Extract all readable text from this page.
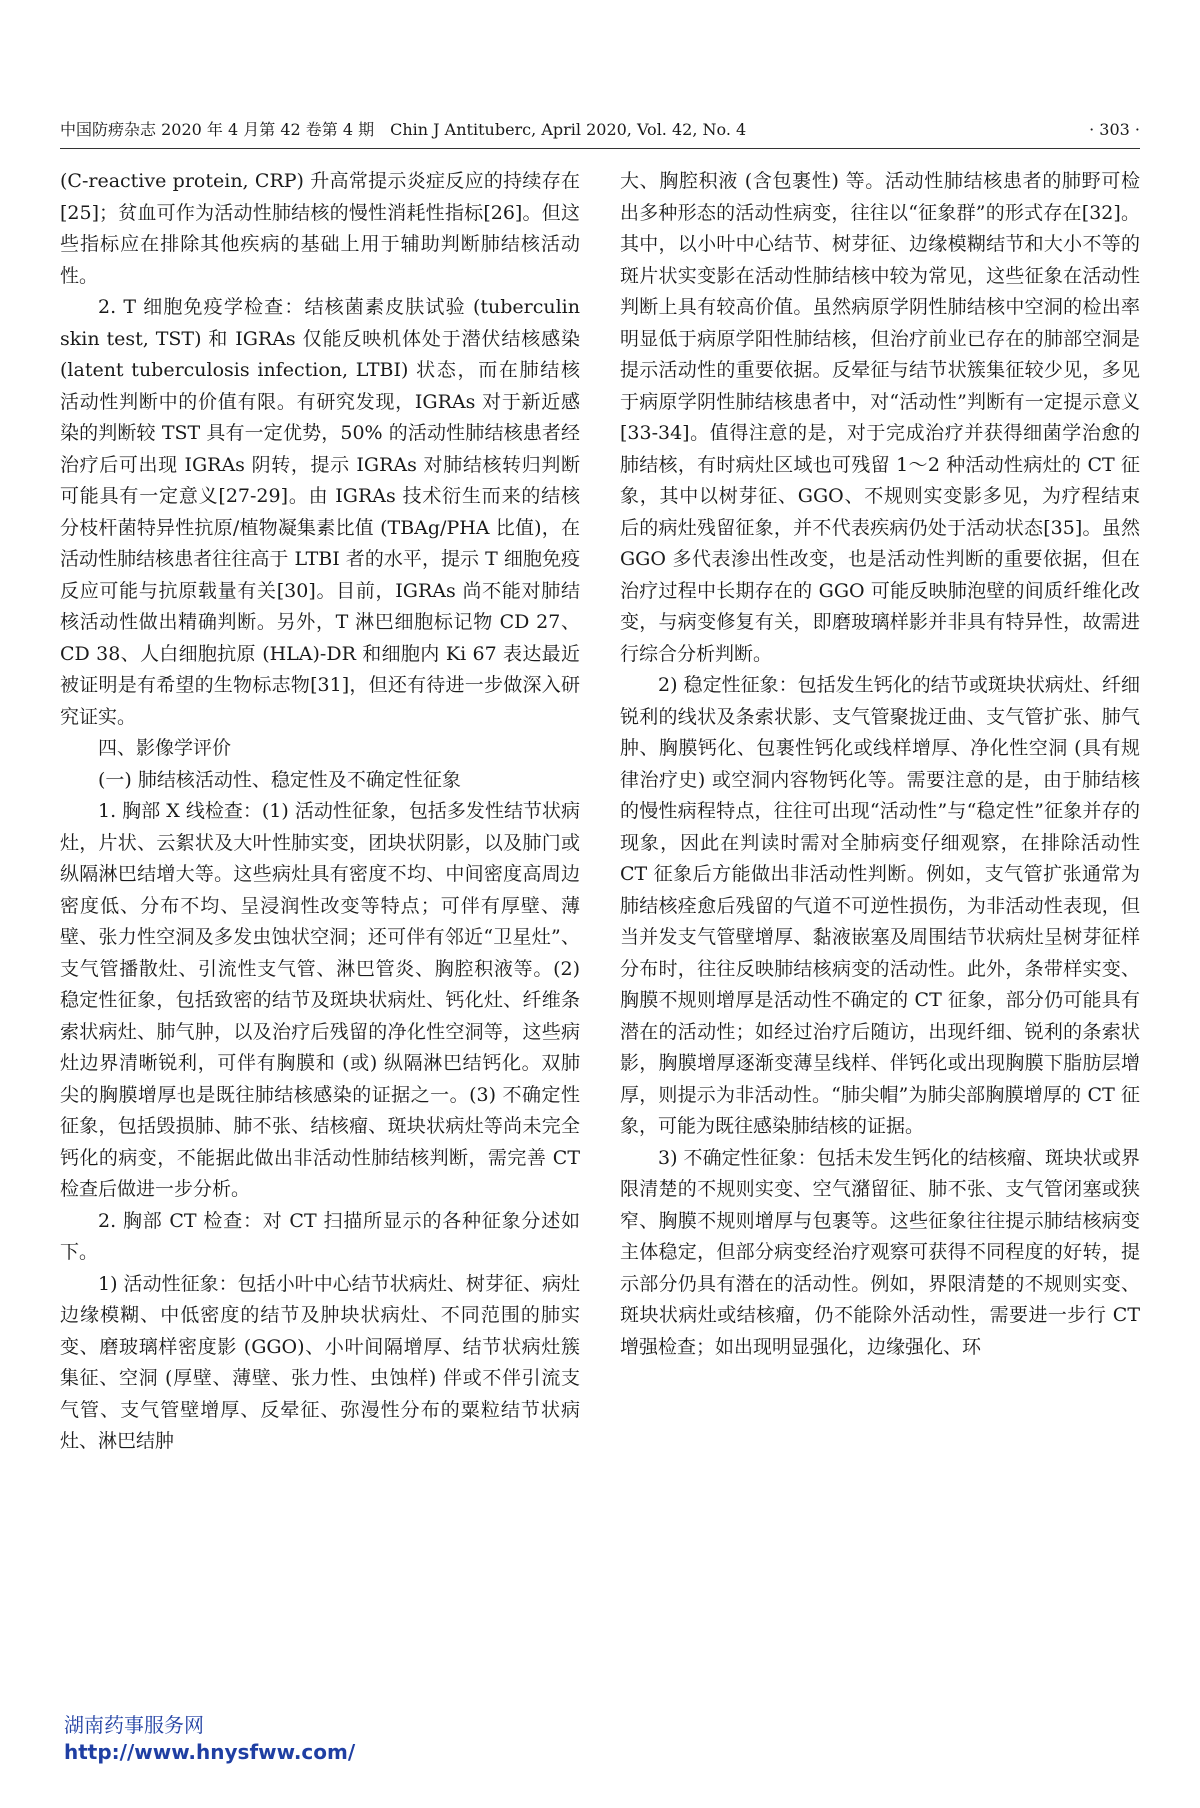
中国防痨杂志 2020 年 4 月第 42 卷第 4 期　Chin J Antituberc, April 2020, Vol. 42, No. 4	· 303 ·

(C-reactive protein, CRP) 升高常提示炎症反应的持续存在[25]；贫血可作为活动性肺结核的慢性消耗性指标[26]。但这些指标应在排除其他疾病的基础上用于辅助判断肺结核活动性。

2. T 细胞免疫学检查：结核菌素皮肤试验 (tuberculin skin test, TST) 和 IGRAs 仅能反映机体处于潜伏结核感染 (latent tuberculosis infection, LTBI) 状态，而在肺结核活动性判断中的价值有限。有研究发现，IGRAs 对于新近感染的判断较 TST 具有一定优势，50% 的活动性肺结核患者经治疗后可出现 IGRAs 阴转，提示 IGRAs 对肺结核转归判断可能具有一定意义[27-29]。由 IGRAs 技术衍生而来的结核分枝杆菌特异性抗原/植物凝集素比值 (TBAg/PHA 比值)，在活动性肺结核患者往往高于 LTBI 者的水平，提示 T 细胞免疫反应可能与抗原载量有关[30]。目前，IGRAs 尚不能对肺结核活动性做出精确判断。另外，T 淋巴细胞标记物 CD 27、CD 38、人白细胞抗原 (HLA)-DR 和细胞内 Ki 67 表达最近被证明是有希望的生物标志物[31]，但还有待进一步做深入研究证实。

四、影像学评价

(一) 肺结核活动性、稳定性及不确定性征象

1. 胸部 X 线检查：(1) 活动性征象，包括多发性结节状病灶，片状、云絮状及大叶性肺实变，团块状阴影，以及肺门或纵隔淋巴结增大等。这些病灶具有密度不均、中间密度高周边密度低、分布不均、呈浸润性改变等特点；可伴有厚壁、薄壁、张力性空洞及多发虫蚀状空洞；还可伴有邻近“卫星灶”、支气管播散灶、引流性支气管、淋巴管炎、胸腔积液等。(2) 稳定性征象，包括致密的结节及斑块状病灶、钙化灶、纤维条索状病灶、肺气肿，以及治疗后残留的净化性空洞等，这些病灶边界清晰锐利，可伴有胸膜和 (或) 纵隔淋巴结钙化。双肺尖的胸膜增厚也是既往肺结核感染的证据之一。(3) 不确定性征象，包括毁损肺、肺不张、结核瘤、斑块状病灶等尚未完全钙化的病变，不能据此做出非活动性肺结核判断，需完善 CT 检查后做进一步分析。

2. 胸部 CT 检查：对 CT 扫描所显示的各种征象分述如下。

1) 活动性征象：包括小叶中心结节状病灶、树芽征、病灶边缘模糊、中低密度的结节及肿块状病灶、不同范围的肺实变、磨玻璃样密度影 (GGO)、小叶间隔增厚、结节状病灶簇集征、空洞 (厚壁、薄壁、张力性、虫蚀样) 伴或不伴引流支气管、支气管壁增厚、反晕征、弥漫性分布的粟粒结节状病灶、淋巴结肿

大、胸腔积液 (含包裹性) 等。活动性肺结核患者的肺野可检出多种形态的活动性病变，往往以“征象群”的形式存在[32]。其中，以小叶中心结节、树芽征、边缘模糊结节和大小不等的斑片状实变影在活动性肺结核中较为常见，这些征象在活动性判断上具有较高价值。虽然病原学阴性肺结核中空洞的检出率明显低于病原学阳性肺结核，但治疗前业已存在的肺部空洞是提示活动性的重要依据。反晕征与结节状簇集征较少见，多见于病原学阴性肺结核患者中，对“活动性”判断有一定提示意义[33-34]。值得注意的是，对于完成治疗并获得细菌学治愈的肺结核，有时病灶区域也可残留 1～2 种活动性病灶的 CT 征象，其中以树芽征、GGO、不规则实变影多见，为疗程结束后的病灶残留征象，并不代表疾病仍处于活动状态[35]。虽然 GGO 多代表渗出性改变，也是活动性判断的重要依据，但在治疗过程中长期存在的 GGO 可能反映肺泡壁的间质纤维化改变，与病变修复有关，即磨玻璃样影并非具有特异性，故需进行综合分析判断。

2) 稳定性征象：包括发生钙化的结节或斑块状病灶、纤细锐利的线状及条索状影、支气管聚拢迂曲、支气管扩张、肺气肿、胸膜钙化、包裹性钙化或线样增厚、净化性空洞 (具有规律治疗史) 或空洞内容物钙化等。需要注意的是，由于肺结核的慢性病程特点，往往可出现“活动性”与“稳定性”征象并存的现象，因此在判读时需对全肺病变仔细观察，在排除活动性 CT 征象后方能做出非活动性判断。例如，支气管扩张通常为肺结核痊愈后残留的气道不可逆性损伤，为非活动性表现，但当并发支气管壁增厚、黏液嵌塞及周围结节状病灶呈树芽征样分布时，往往反映肺结核病变的活动性。此外，条带样实变、胸膜不规则增厚是活动性不确定的 CT 征象，部分仍可能具有潜在的活动性；如经过治疗后随访，出现纤细、锐利的条索状影，胸膜增厚逐渐变薄呈线样、伴钙化或出现胸膜下脂肪层增厚，则提示为非活动性。“肺尖帽”为肺尖部胸膜增厚的 CT 征象，可能为既往感染肺结核的证据。

3) 不确定性征象：包括未发生钙化的结核瘤、斑块状或界限清楚的不规则实变、空气潴留征、肺不张、支气管闭塞或狭窄、胸膜不规则增厚与包裹等。这些征象往往提示肺结核病变主体稳定，但部分病变经治疗观察可获得不同程度的好转，提示部分仍具有潜在的活动性。例如，界限清楚的不规则实变、斑块状病灶或结核瘤，仍不能除外活动性，需要进一步行 CT 增强检查；如出现明显强化，边缘强化、环

湖南药事服务网
http://www.hnysfww.com/
